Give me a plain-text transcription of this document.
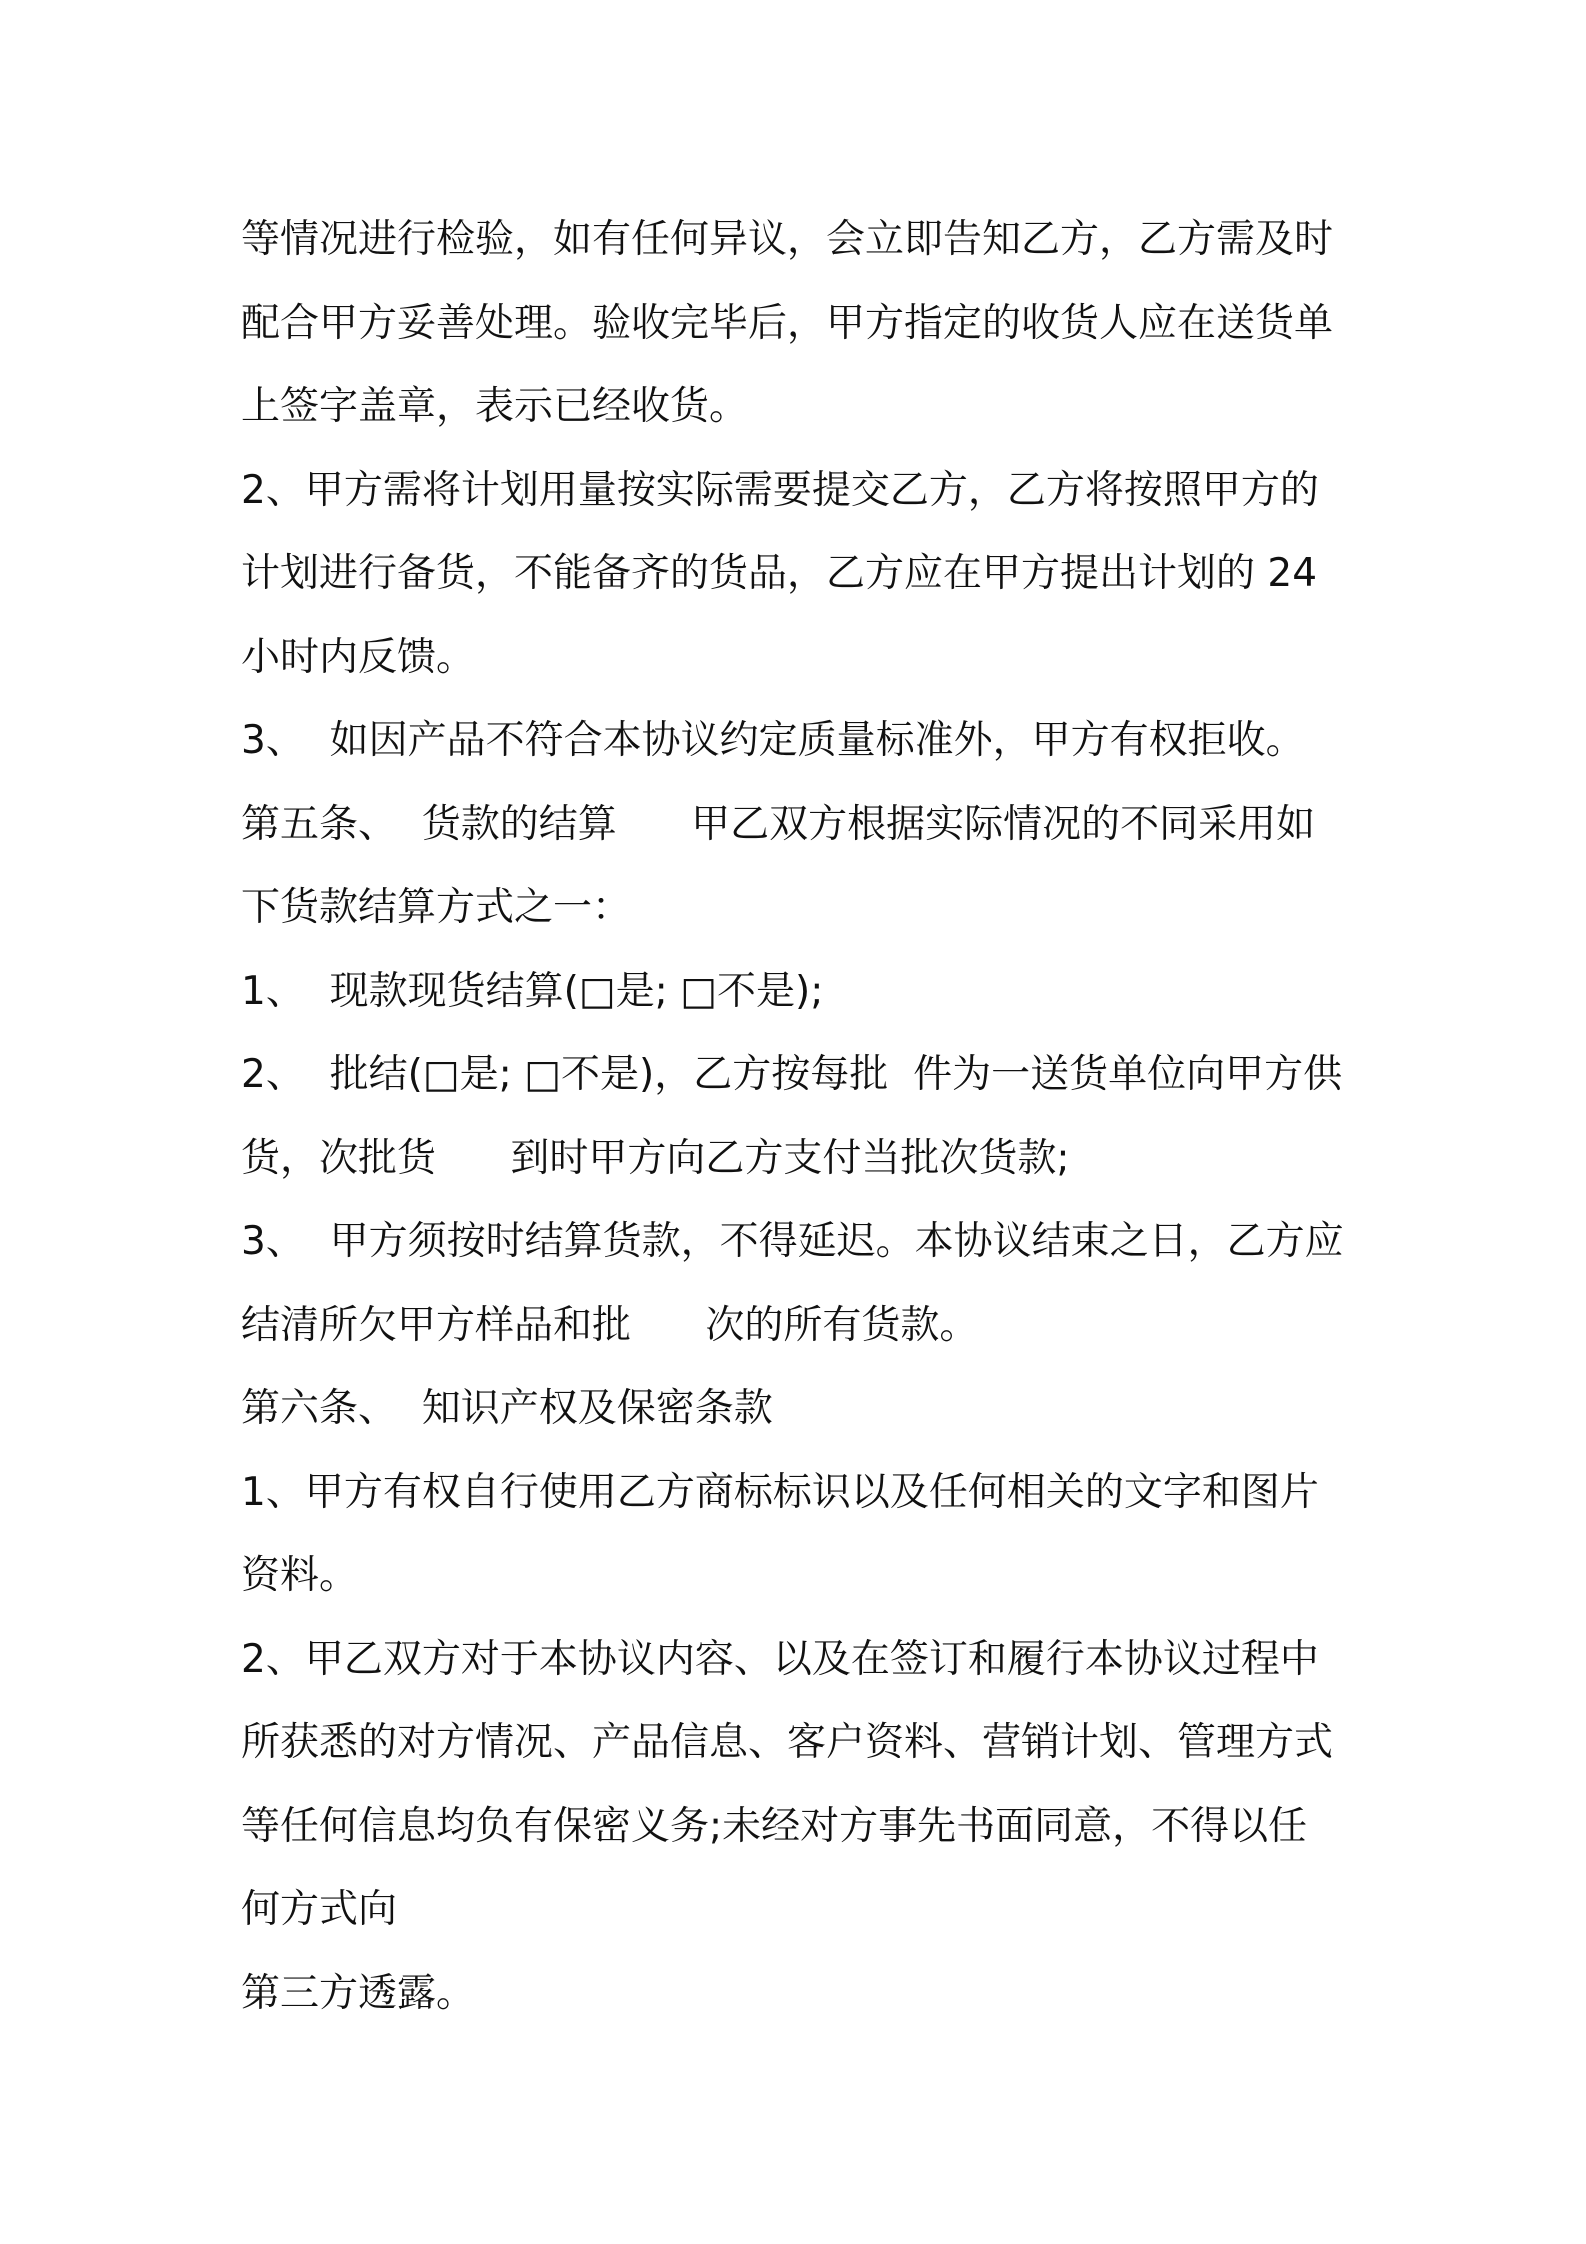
等情况进行检验，如有任何异议，会立即告知乙方，乙方需及时
配合甲方妥善处理。验收完毕后，甲方指定的收货人应在送货单
上签字盖章，表示已经收货。
2、甲方需将计划用量按实际需要提交乙方，乙方将按照甲方的
计划进行备货，不能备齐的货品，乙方应在甲方提出计划的 24
小时内反馈。
3、  如因产品不符合本协议约定质量标准外，甲方有权拒收。
第五条、  货款的结算      甲乙双方根据实际情况的不同采用如
下货款结算方式之一：
1、  现款现货结算(□是; □不是);
2、  批结(□是; □不是)，乙方按每批  件为一送货单位向甲方供
货，次批货      到时甲方向乙方支付当批次货款;
3、  甲方须按时结算货款，不得延迟。本协议结束之日，乙方应
结清所欠甲方样品和批      次的所有货款。
第六条、  知识产权及保密条款
1、甲方有权自行使用乙方商标标识以及任何相关的文字和图片
资料。
2、甲乙双方对于本协议内容、以及在签订和履行本协议过程中
所获悉的对方情况、产品信息、客户资料、营销计划、管理方式
等任何信息均负有保密义务;未经对方事先书面同意，不得以任
何方式向
第三方透露。
